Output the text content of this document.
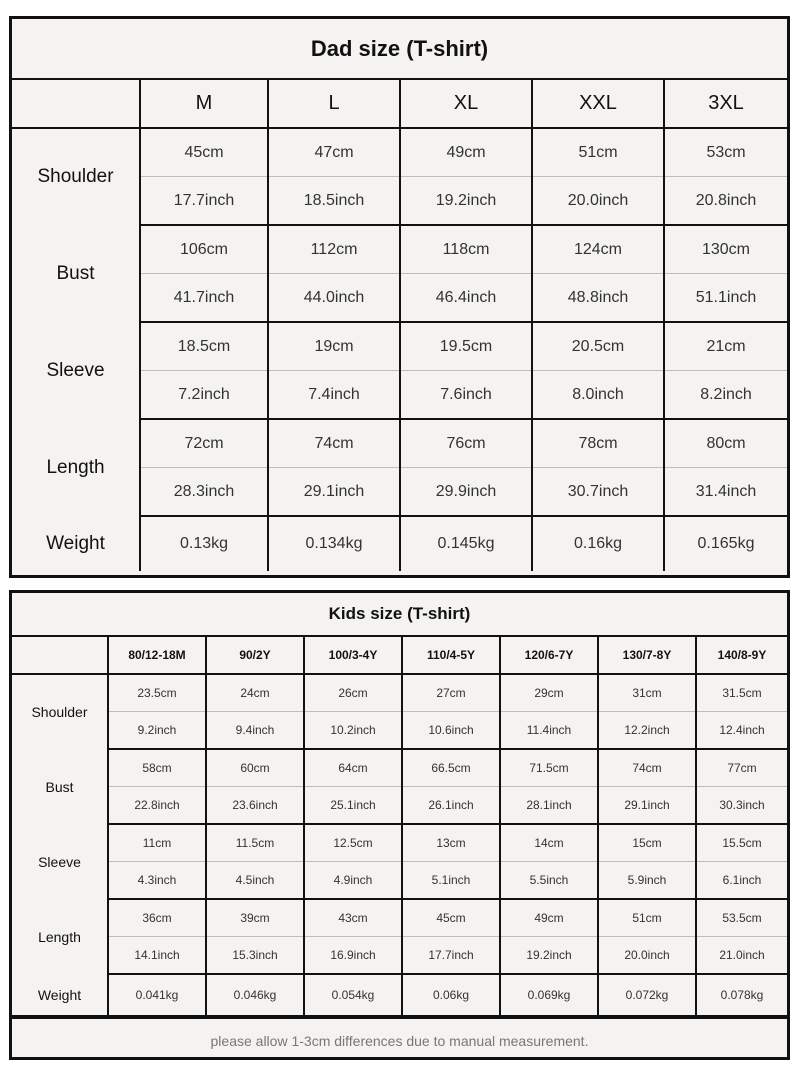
Dad size (T-shirt)
	M	L	XL	XXL	3XL
Shoulder	45cm	47cm	49cm	51cm	53cm
	17.7inch	18.5inch	19.2inch	20.0inch	20.8inch
Bust	106cm	112cm	118cm	124cm	130cm
	41.7inch	44.0inch	46.4inch	48.8inch	51.1inch
Sleeve	18.5cm	19cm	19.5cm	20.5cm	21cm
	7.2inch	7.4inch	7.6inch	8.0inch	8.2inch
Length	72cm	74cm	76cm	78cm	80cm
	28.3inch	29.1inch	29.9inch	30.7inch	31.4inch
Weight	0.13kg	0.134kg	0.145kg	0.16kg	0.165kg
Kids size (T-shirt)
	80/12-18M	90/2Y	100/3-4Y	110/4-5Y	120/6-7Y	130/7-8Y	140/8-9Y
Shoulder	23.5cm	24cm	26cm	27cm	29cm	31cm	31.5cm
	9.2inch	9.4inch	10.2inch	10.6inch	11.4inch	12.2inch	12.4inch
Bust	58cm	60cm	64cm	66.5cm	71.5cm	74cm	77cm
	22.8inch	23.6inch	25.1inch	26.1inch	28.1inch	29.1inch	30.3inch
Sleeve	11cm	11.5cm	12.5cm	13cm	14cm	15cm	15.5cm
	4.3inch	4.5inch	4.9inch	5.1inch	5.5inch	5.9inch	6.1inch
Length	36cm	39cm	43cm	45cm	49cm	51cm	53.5cm
	14.1inch	15.3inch	16.9inch	17.7inch	19.2inch	20.0inch	21.0inch
Weight	0.041kg	0.046kg	0.054kg	0.06kg	0.069kg	0.072kg	0.078kg
please allow 1-3cm differences due to manual measurement.
